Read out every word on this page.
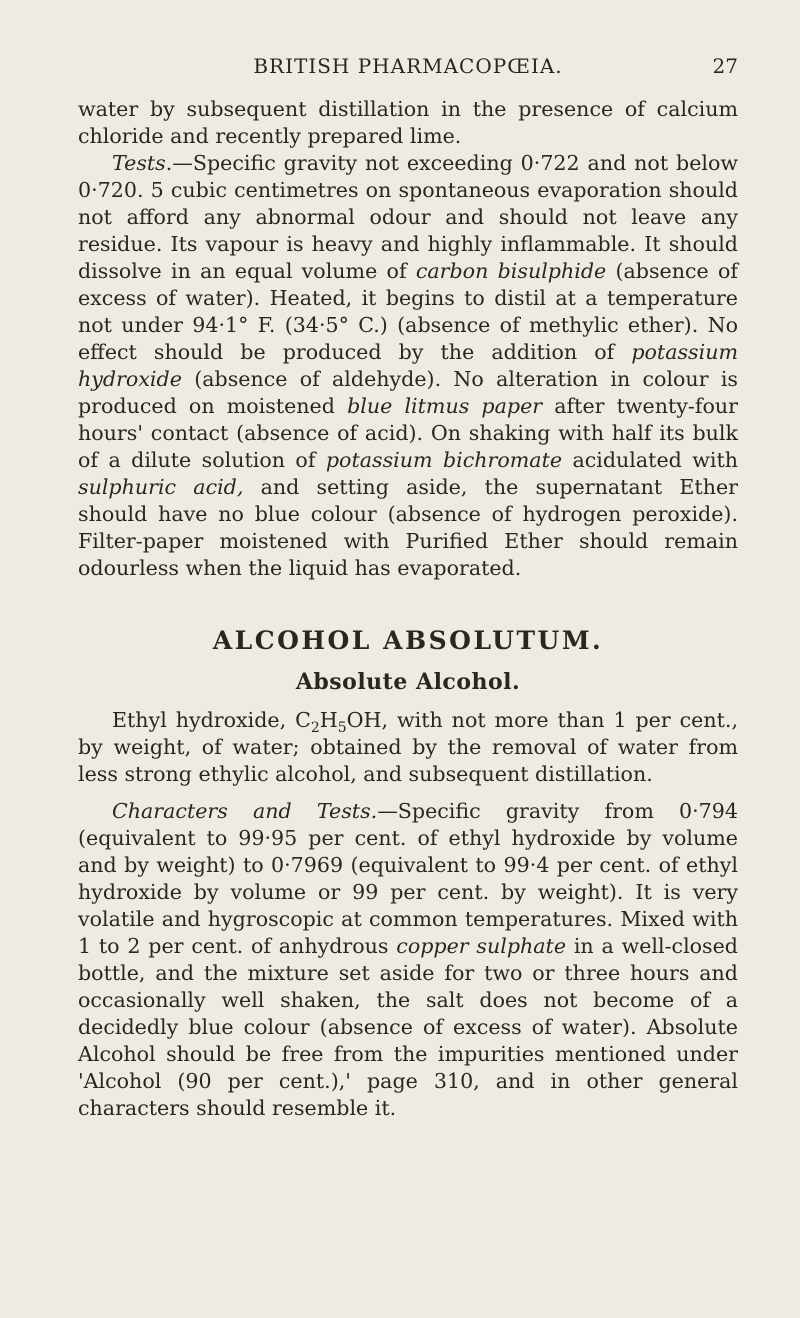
BRITISH PHARMACOPŒIA.	27

water by subsequent distillation in the presence of calcium chloride and recently prepared lime.

Tests.—Specific gravity not exceeding 0·722 and not below 0·720. 5 cubic centimetres on spontaneous evaporation should not afford any abnormal odour and should not leave any residue. Its vapour is heavy and highly inflammable. It should dissolve in an equal volume of carbon bisulphide (absence of excess of water). Heated, it begins to distil at a temperature not under 94·1° F. (34·5° C.) (absence of methylic ether). No effect should be produced by the addition of potassium hydroxide (absence of aldehyde). No alteration in colour is produced on moistened blue litmus paper after twenty-four hours' contact (absence of acid). On shaking with half its bulk of a dilute solution of potassium bichromate acidulated with sulphuric acid, and setting aside, the supernatant Ether should have no blue colour (absence of hydrogen peroxide). Filter-paper moistened with Purified Ether should remain odourless when the liquid has evaporated.

ALCOHOL ABSOLUTUM.
Absolute Alcohol.

Ethyl hydroxide, $C_2H_5OH$, with not more than 1 per cent., by weight, of water; obtained by the removal of water from less strong ethylic alcohol, and subsequent distillation.

Characters and Tests.—Specific gravity from 0·794 (equivalent to 99·95 per cent. of ethyl hydroxide by volume and by weight) to 0·7969 (equivalent to 99·4 per cent. of ethyl hydroxide by volume or 99 per cent. by weight). It is very volatile and hygroscopic at common temperatures. Mixed with 1 to 2 per cent. of anhydrous copper sulphate in a well-closed bottle, and the mixture set aside for two or three hours and occasionally well shaken, the salt does not become of a decidedly blue colour (absence of excess of water). Absolute Alcohol should be free from the impurities mentioned under 'Alcohol (90 per cent.),' page 310, and in other general characters should resemble it.
